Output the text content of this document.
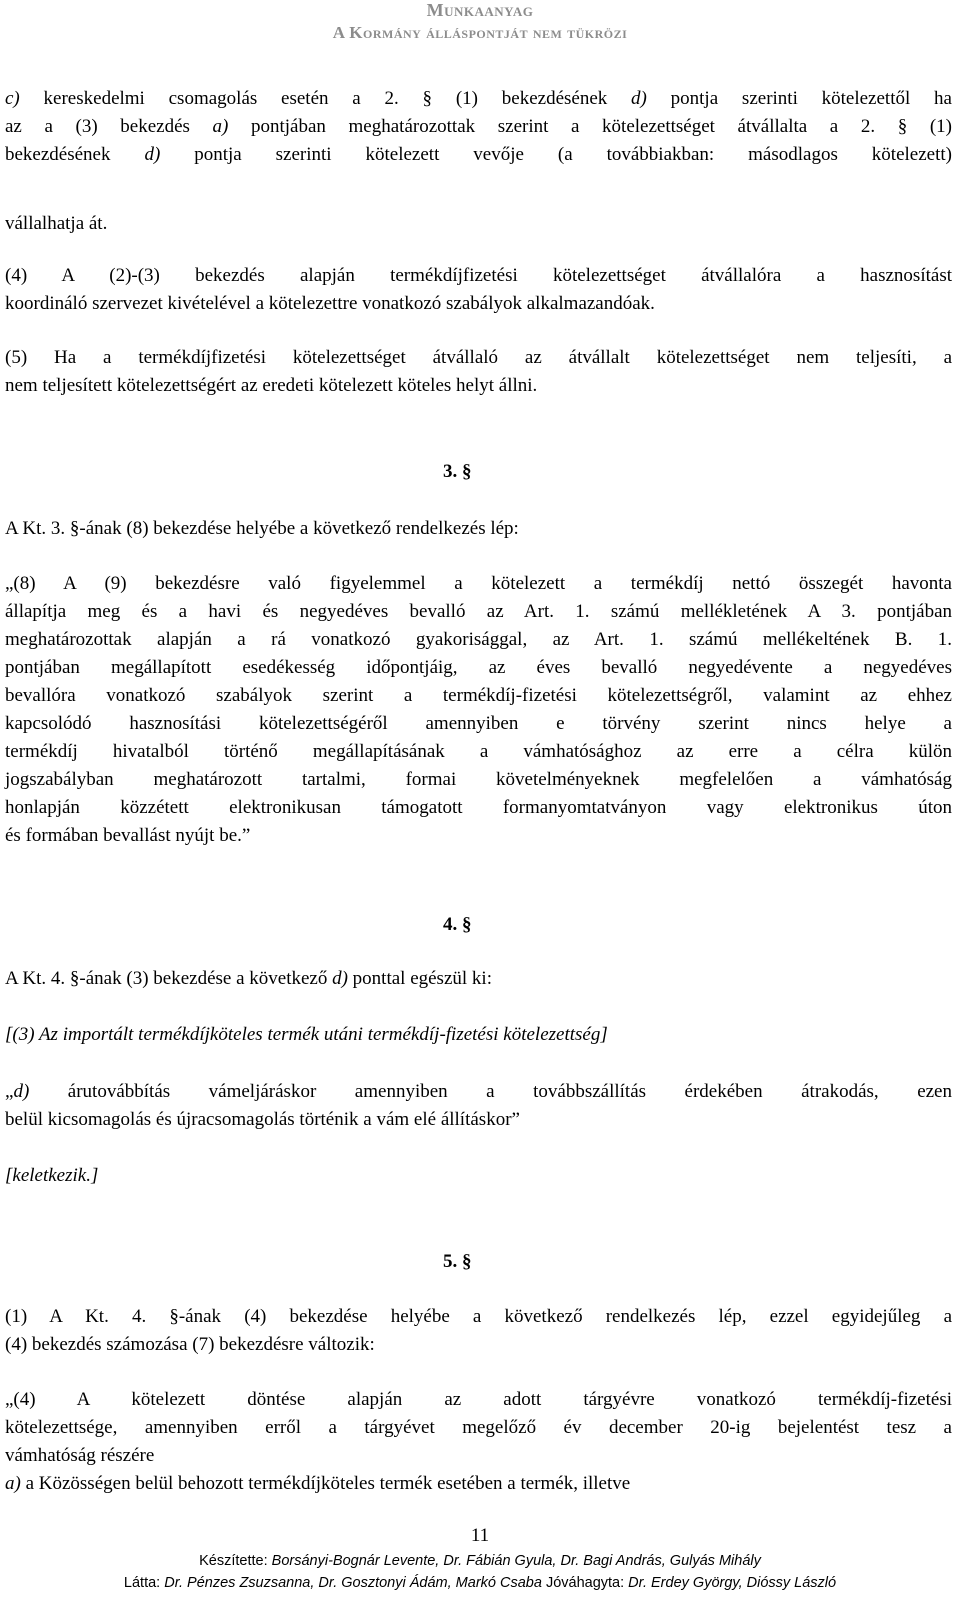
Munkaanyag
A Kormány álláspontját nem tükrözi
c) kereskedelmi csomagolás esetén a 2. § (1) bekezdésének d) pontja szerinti kötelezettől ha
az a (3) bekezdés a) pontjában meghatározottak szerint a kötelezettséget átvállalta a 2. § (1)
bekezdésének d) pontja szerinti kötelezett vevője (a továbbiakban: másodlagos kötelezett)
vállalhatja át.
(4) A (2)-(3) bekezdés alapján termékdíjfizetési kötelezettséget átvállalóra a hasznosítást
koordináló szervezet kivételével a kötelezettre vonatkozó szabályok alkalmazandóak.
(5) Ha a termékdíjfizetési kötelezettséget átvállaló az átvállalt kötelezettséget nem teljesíti, a
nem teljesített kötelezettségért az eredeti kötelezett köteles helyt állni.
3. §
A Kt. 3. §-ának (8) bekezdése helyébe a következő rendelkezés lép:
„(8) A (9) bekezdésre való figyelemmel a kötelezett a termékdíj nettó összegét havonta
állapítja meg és a havi és negyedéves bevalló az Art. 1. számú mellékletének A 3. pontjában
meghatározottak alapján a rá vonatkozó gyakorisággal, az Art. 1. számú mellékeltének B. 1.
pontjában megállapított esedékesség időpontjáig, az éves bevalló negyedévente a negyedéves
bevallóra vonatkozó szabályok szerint a termékdíj-fizetési kötelezettségről, valamint az ehhez
kapcsolódó hasznosítási kötelezettségéről amennyiben e törvény szerint nincs helye a
termékdíj hivatalból történő megállapításának a vámhatósághoz az erre a célra külön
jogszabályban meghatározott tartalmi, formai követelményeknek megfelelően a vámhatóság
honlapján közzétett elektronikusan támogatott formanyomtatványon vagy elektronikus úton
és formában bevallást nyújt be.”
4. §
A Kt. 4. §-ának (3) bekezdése a következő d) ponttal egészül ki:
[(3) Az importált termékdíjköteles termék utáni termékdíj-fizetési kötelezettség]
„d) árutovábbítás vámeljáráskor amennyiben a továbbszállítás érdekében átrakodás, ezen
belül kicsomagolás és újracsomagolás történik a vám elé állításkor”
[keletkezik.]
5. §
(1) A Kt. 4. §-ának (4) bekezdése helyébe a következő rendelkezés lép, ezzel egyidejűleg a
(4) bekezdés számozása (7) bekezdésre változik:
„(4) A kötelezett döntése alapján az adott tárgyévre vonatkozó termékdíj-fizetési
kötelezettsége, amennyiben erről a tárgyévet megelőző év december 20-ig bejelentést tesz a
vámhatóság részére
a) a Közösségen belül behozott termékdíjköteles termék esetében a termék, illetve
11
Készítette: Borsányi-Bognár Levente, Dr. Fábián Gyula, Dr. Bagi András, Gulyás Mihály
Látta: Dr. Pénzes Zsuzsanna, Dr. Gosztonyi Ádám, Markó Csaba Jóváhagyta: Dr. Erdey György, Dióssy László
